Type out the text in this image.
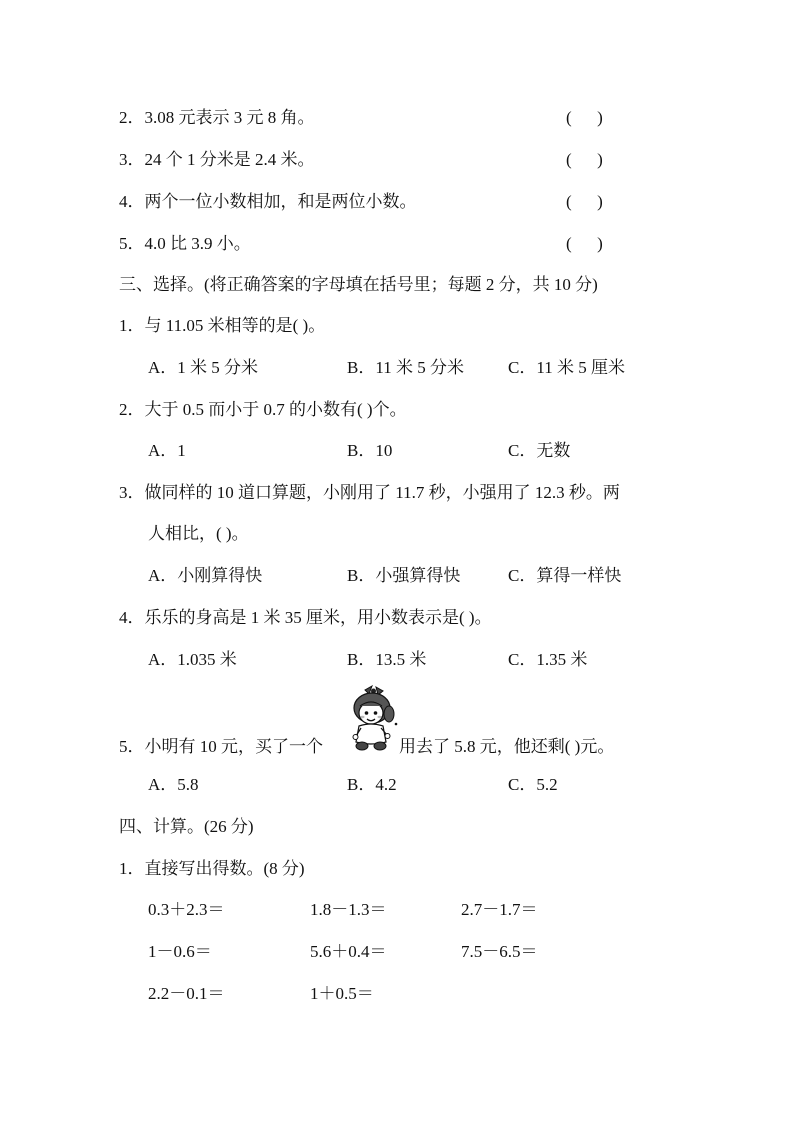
2．3.08 元表示 3 元 8 角。	(      )
3．24 个 1 分米是 2.4 米。	(      )
4．两个一位小数相加，和是两位小数。	(      )
5．4.0 比 3.9 小。	(      )
三、选择。(将正确答案的字母填在括号里；每题 2 分，共 10 分)
1．与 11.05 米相等的是( )。
A．1 米 5 分米	B．11 米 5 分米	C．11 米 5 厘米
2．大于 0.5 而小于 0.7 的小数有( )个。
A．1	B．10	C．无数
3．做同样的 10 道口算题，小刚用了 11.7 秒，小强用了 12.3 秒。两
人相比，( )。
A．小刚算得快	B．小强算得快	C．算得一样快
4．乐乐的身高是 1 米 35 厘米，用小数表示是( )。
A．1.035 米	B．13.5 米	C．1.35 米
5．小明有 10 元，买了一个	用去了 5.8 元，他还剩( )元。
A．5.8	B．4.2	C．5.2
四、计算。(26 分)
1．直接写出得数。(8 分)
0.3＋2.3＝	1.8－1.3＝	2.7－1.7＝
1－0.6＝	5.6＋0.4＝	7.5－6.5＝
2.2－0.1＝	1＋0.5＝
